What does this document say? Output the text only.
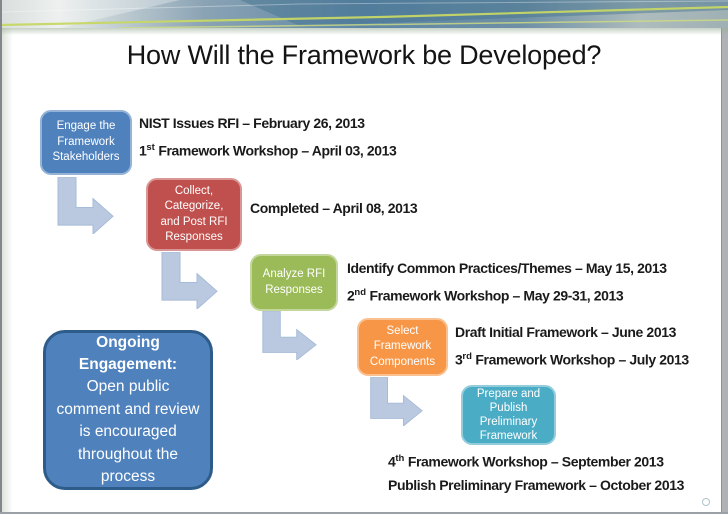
How Will the Framework be Developed?
Engage the
Framework
Stakeholders
NIST Issues RFI – February 26, 2013
1st Framework Workshop – April 03, 2013
Collect,
Categorize,
and Post RFI
Responses
Completed – April 08, 2013
Analyze RFI
Responses
Identify Common Practices/Themes – May 15, 2013
2nd Framework Workshop – May 29-31, 2013
Select
Framework
Components
Draft Initial Framework – June 2013
3rd Framework Workshop – July 2013
Prepare and
Publish
Preliminary
Framework
4th Framework Workshop – September 2013
Publish Preliminary Framework – October 2013
Ongoing
Engagement:
Open public
comment and review
is encouraged
throughout the
process
